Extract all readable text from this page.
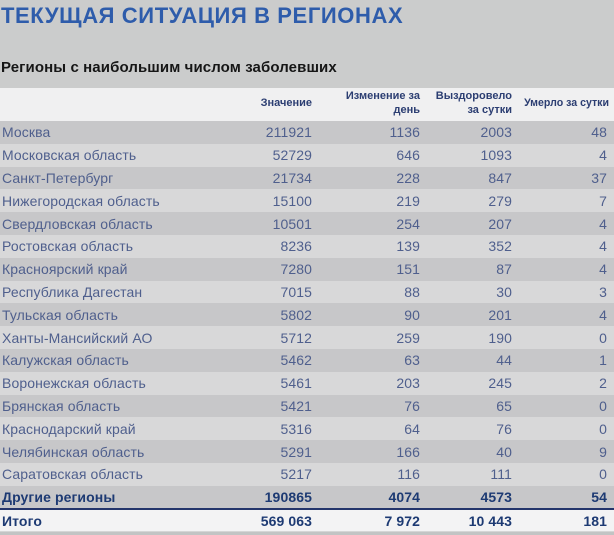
ТЕКУЩАЯ СИТУАЦИЯ В РЕГИОНАХ
Регионы с наибольшим числом заболевших
	Значение	Изменение за день	Выздоровело за сутки	Умерло за сутки
Москва	211921	1136	2003	48
Московская область	52729	646	1093	4
Санкт-Петербург	21734	228	847	37
Нижегородская область	15100	219	279	7
Свердловская область	10501	254	207	4
Ростовская область	8236	139	352	4
Красноярский край	7280	151	87	4
Республика Дагестан	7015	88	30	3
Тульская область	5802	90	201	4
Ханты-Мансийский АО	5712	259	190	0
Калужская область	5462	63	44	1
Воронежская область	5461	203	245	2
Брянская область	5421	76	65	0
Краснодарский край	5316	64	76	0
Челябинская область	5291	166	40	9
Саратовская область	5217	116	111	0
Другие регионы	190865	4074	4573	54
Итого	569 063	7 972	10 443	181
